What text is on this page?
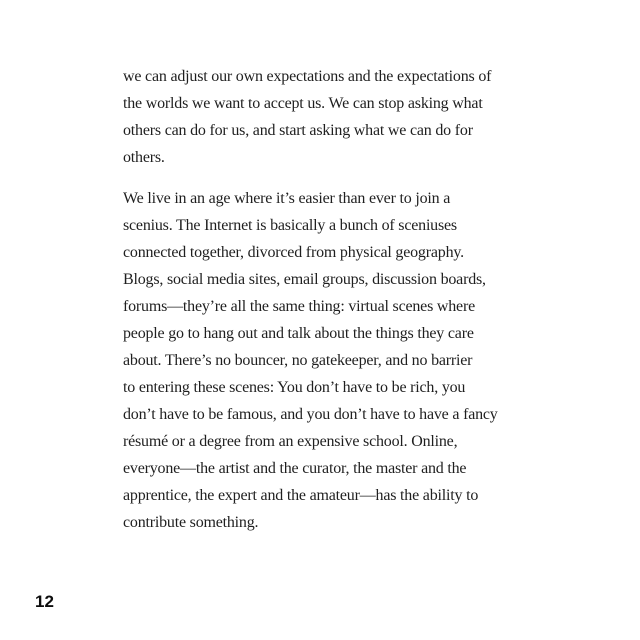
we can adjust our own expectations and the expectations of
the worlds we want to accept us. We can stop asking what
others can do for us, and start asking what we can do for
others.
We live in an age where it’s easier than ever to join a
scenius. The Internet is basically a bunch of sceniuses
connected together, divorced from physical geography.
Blogs, social media sites, email groups, discussion boards,
forums—they’re all the same thing: virtual scenes where
people go to hang out and talk about the things they care
about. There’s no bouncer, no gatekeeper, and no barrier
to entering these scenes: You don’t have to be rich, you
don’t have to be famous, and you don’t have to have a fancy
résumé or a degree from an expensive school. Online,
everyone—the artist and the curator, the master and the
apprentice, the expert and the amateur—has the ability to
contribute something.
12
